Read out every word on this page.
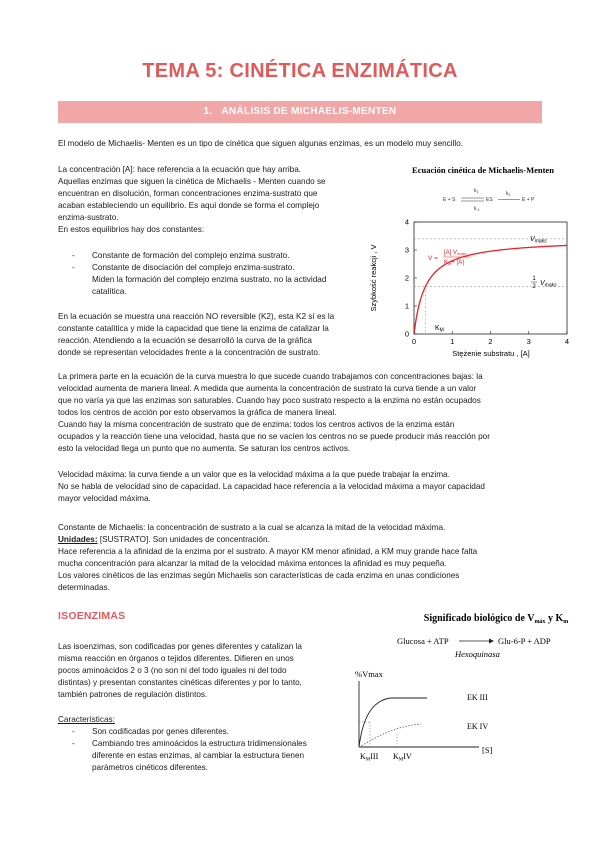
TEMA 5: CINÉTICA ENZIMÁTICA
1. ANÁLISIS DE MICHAELIS-MENTEN
El modelo de Michaelis- Menten es un tipo de cinética que siguen algunas enzimas, es un modelo muy sencillo.
La concentración [A]: hace referencia a la ecuación que hay arriba.
Aquellas enzimas que siguen la cinética de Michaelis - Menten cuando se
encuentran en disolución, forman concentraciones enzima-sustrato que
acaban estableciendo un equilibrio. Es aquí donde se forma el complejo
enzima-sustrato.
En estos equilibrios hay dos constantes:
- Constante de formación del complejo enzima sustrato.
- Constante de disociación del complejo enzima-sustrato.
Miden la formación del complejo enzima sustrato, no la actividad
catalítica.
En la ecuación se muestra una reacción NO reversible (K2), esta K2 sí es la
constante catalítica y mide la capacidad que tiene la enzima de catalizar la
reacción. Atendiendo a la ecuación se desarrolló la curva de la gráfica
donde se representan velocidades frente a la concentración de sustrato.
La primera parte en la ecuación de la curva muestra lo que sucede cuando trabajamos con concentraciones bajas: la
velocidad aumenta de manera lineal. A medida que aumenta la concentración de sustrato la curva tiende a un valor
que no varía ya que las enzimas son saturables. Cuando hay poco sustrato respecto a la enzima no están ocupados
todos los centros de acción por esto observamos la gráfica de manera lineal.
Cuando hay la misma concentración de sustrato que de enzima: todos los centros activos de la enzima están
ocupados y la reacción tiene una velocidad, hasta que no se vacíen los centros no se puede producir más reacción por
esto la velocidad llega un punto que no aumenta. Se saturan los centros activos.
Velocidad máxima: la curva tiende a un valor que es la velocidad máxima a la que puede trabajar la enzima.
No se habla de velocidad sino de capacidad. La capacidad hace referencia a la velocidad máxima a mayor capacidad
mayor velocidad máxima.
Constante de Michaelis: la concentración de sustrato a la cual se alcanza la mitad de la velocidad máxima.
Unidades: [SUSTRATO]. Son unidades de concentración.
Hace referencia a la afinidad de la enzima por el sustrato. A mayor KM menor afinidad, a KM muy grande hace falta
mucha concentración para alcanzar la mitad de la velocidad máxima entonces la afinidad es muy pequeña.
Los valores cinéticos de las enzimas según Michaelis son características de cada enzima en unas condiciones
determinadas.
ISOENZIMAS
Las isoenzimas, son codificadas por genes diferentes y catalizan la
misma reacción en órganos o tejidos diferentes. Difieren en unos
pocos aminoácidos 2 o 3 (no son ni del todo iguales ni del todo
distintas) y presentan constantes cinéticas diferentes y por lo tanto,
también patrones de regulación distintos.
Características:
- Son codificadas por genes diferentes.
- Cambiando tres aminoácidos la estructura tridimensionales
diferente en estas enzimas, al cambiar la estructura tienen
parámetros cinéticos diferentes.
Ecuación cinética de Michaelis-Menten
E + S
$k_1$
$k_{-1}$
ES
$k_2$
E + P
0
1
2
3
4
0	1	2	3	4
Szybkość reakcji , V
Stężenie substratu , [A]
$V_{maks}$
1
2 $V_{maks}$
V =
[A] Vmaks
KM+ [A]
$K_M$
Significado biológico de $V_{máx}$ y $K_m$
Glucosa + ATP	Glu-6-P + ADP
Hexoquinasa
%Vmax
[S]
EK III
EK IV
KMIII KMIV
